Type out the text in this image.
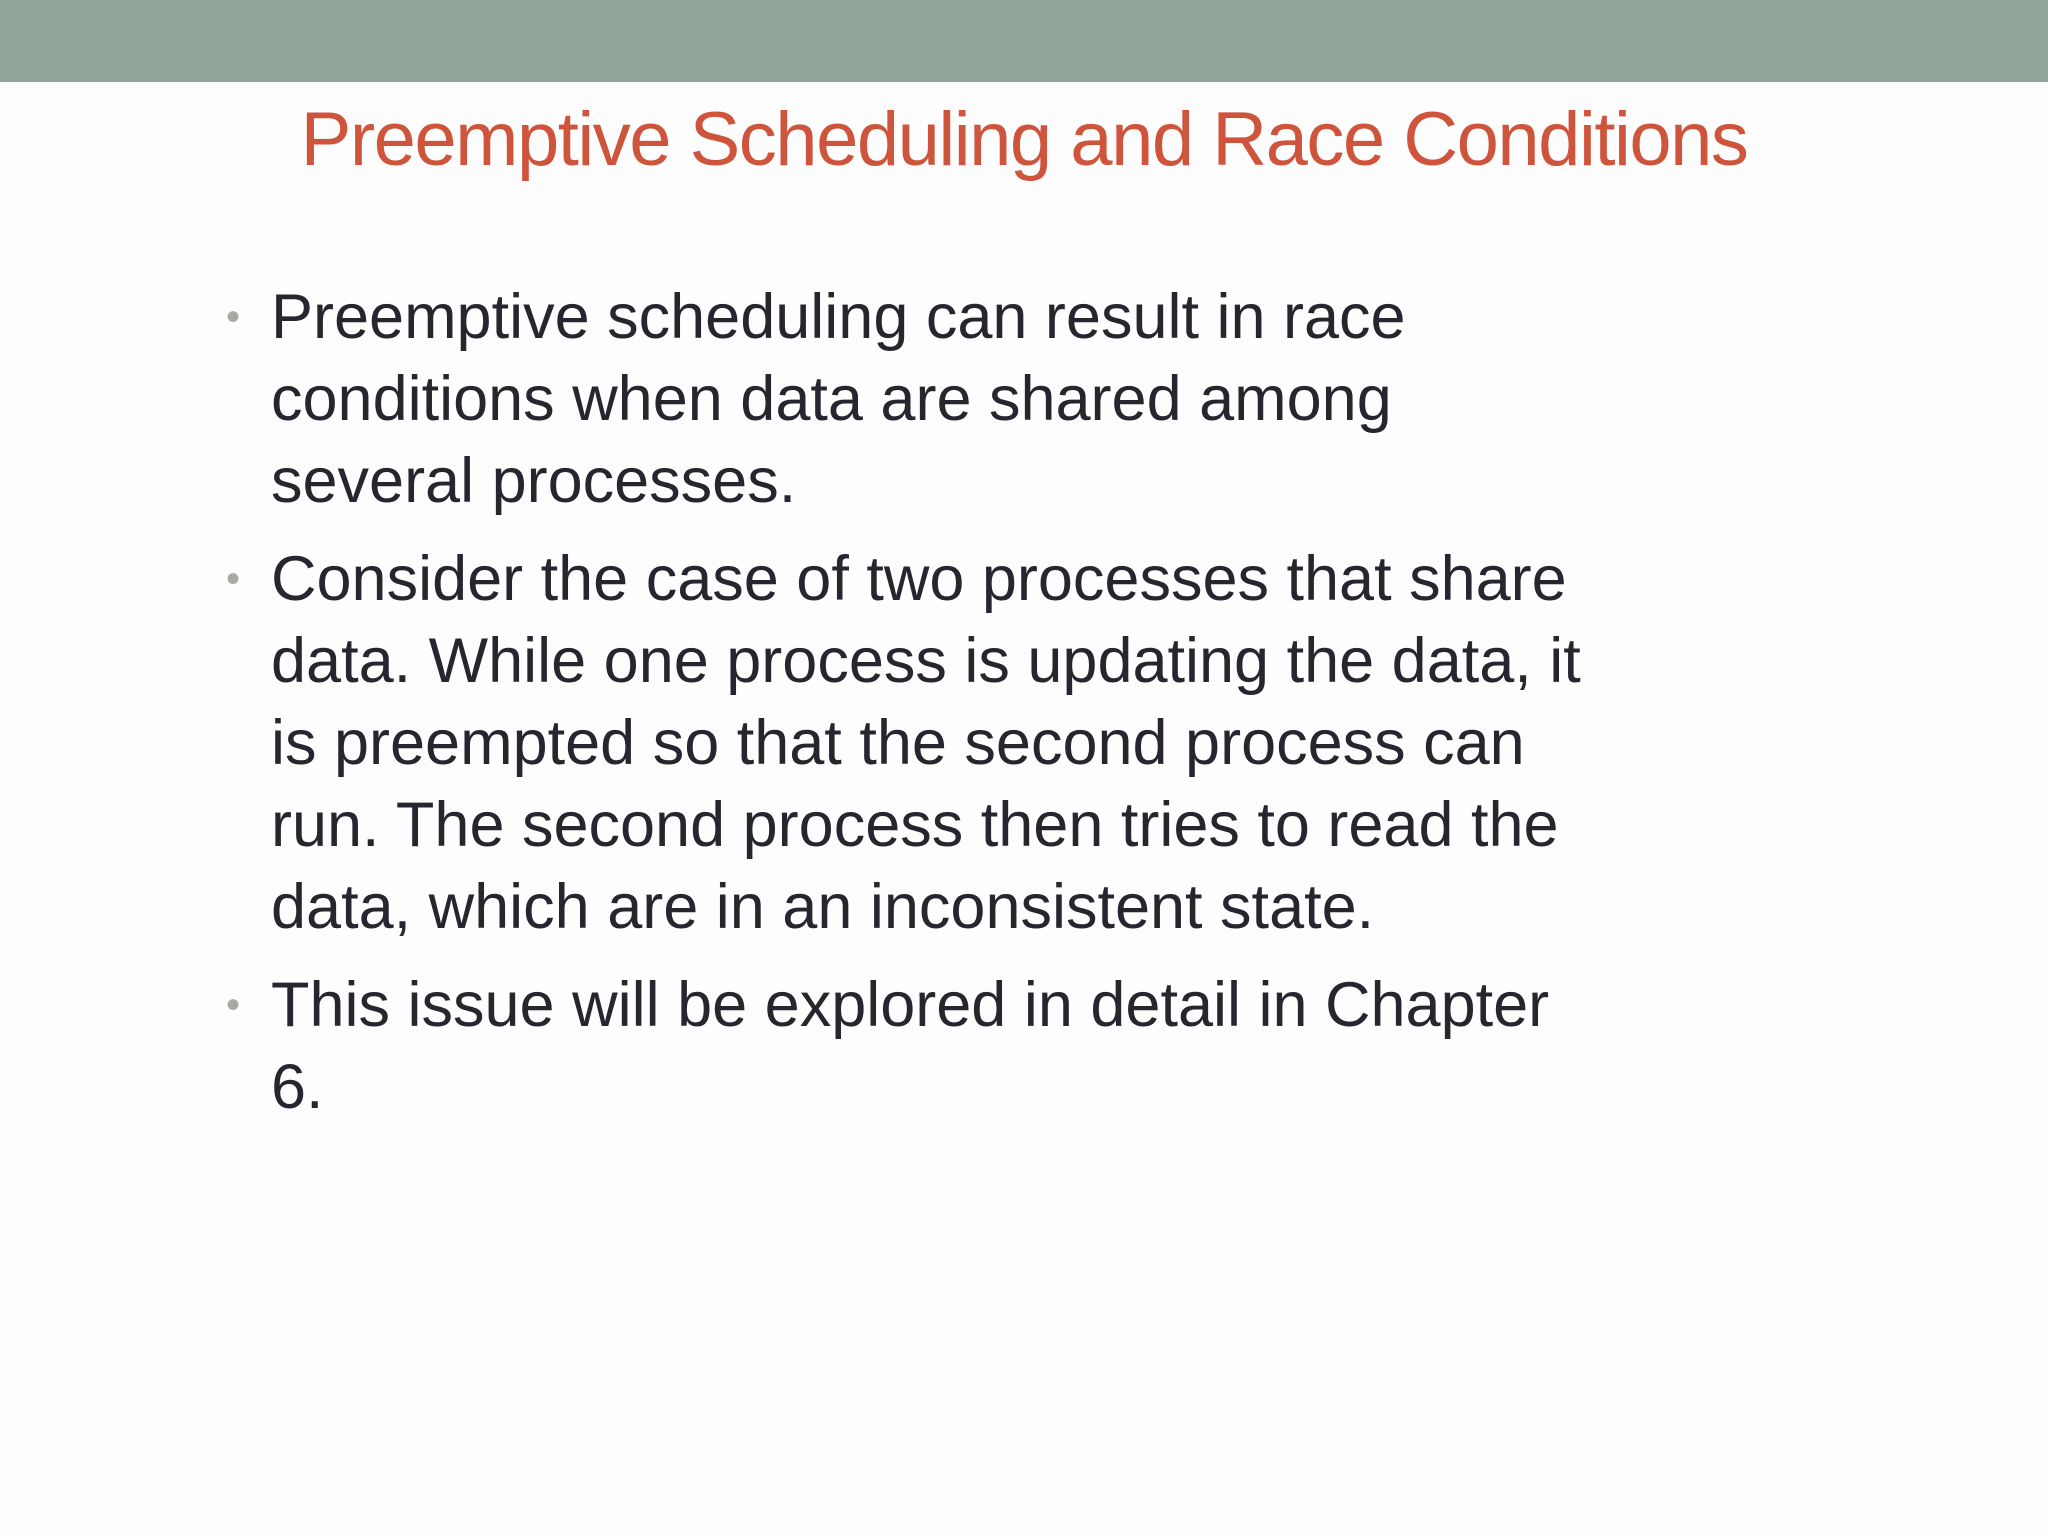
Preemptive Scheduling and Race Conditions
• Preemptive scheduling can result in race conditions when data are shared among several processes.
• Consider the case of two processes that share data. While one process is updating the data, it is preempted so that the second process can run. The second process then tries to read the data, which are in an inconsistent state.
• This issue will be explored in detail in Chapter 6.
